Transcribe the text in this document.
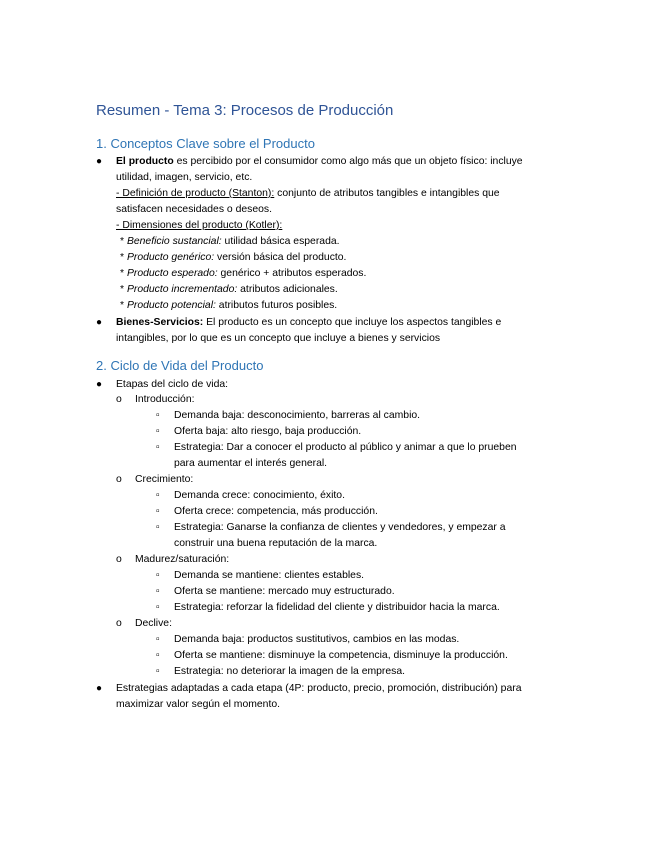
Resumen - Tema 3: Procesos de Producción
1. Conceptos Clave sobre el Producto
● El producto es percibido por el consumidor como algo más que un objeto físico: incluye
utilidad, imagen, servicio, etc.
- Definición de producto (Stanton): conjunto de atributos tangibles e intangibles que
satisfacen necesidades o deseos.
- Dimensiones del producto (Kotler):
* Beneficio sustancial: utilidad básica esperada.
* Producto genérico: versión básica del producto.
* Producto esperado: genérico + atributos esperados.
* Producto incrementado: atributos adicionales.
* Producto potencial: atributos futuros posibles.
● Bienes-Servicios: El producto es un concepto que incluye los aspectos tangibles e
intangibles, por lo que es un concepto que incluye a bienes y servicios
2. Ciclo de Vida del Producto
● Etapas del ciclo de vida:
o Introducción:
▫ Demanda baja: desconocimiento, barreras al cambio.
▫ Oferta baja: alto riesgo, baja producción.
▫ Estrategia: Dar a conocer el producto al público y animar a que lo prueben
para aumentar el interés general.
o Crecimiento:
▫ Demanda crece: conocimiento, éxito.
▫ Oferta crece: competencia, más producción.
▫ Estrategia: Ganarse la confianza de clientes y vendedores, y empezar a
construir una buena reputación de la marca.
o Madurez/saturación:
▫ Demanda se mantiene: clientes estables.
▫ Oferta se mantiene: mercado muy estructurado.
▫ Estrategia: reforzar la fidelidad del cliente y distribuidor hacia la marca.
o Declive:
▫ Demanda baja: productos sustitutivos, cambios en las modas.
▫ Oferta se mantiene: disminuye la competencia, disminuye la producción.
▫ Estrategia: no deteriorar la imagen de la empresa.
● Estrategias adaptadas a cada etapa (4P: producto, precio, promoción, distribución) para
maximizar valor según el momento.
